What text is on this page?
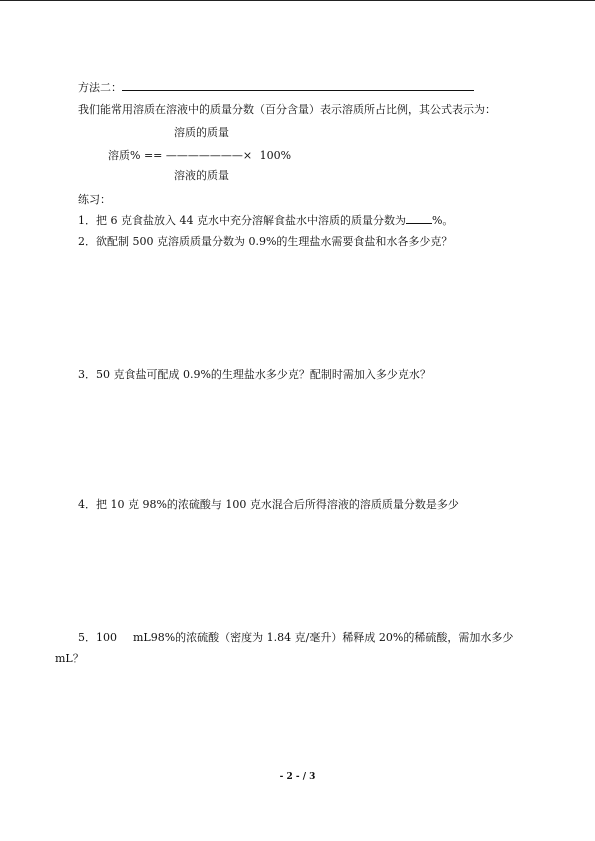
方法二：
我们能常用溶质在溶液中的质量分数（百分含量）表示溶质所占比例，其公式表示为：
溶质的质量
溶质% == ———————× 100%
溶液的质量
练习：
1．把 6 克食盐放入 44 克水中充分溶解食盐水中溶质的质量分数为 %。
2．欲配制 500 克溶质质量分数为 0.9%的生理盐水需要食盐和水各多少克？
3．50 克食盐可配成 0.9%的生理盐水多少克？配制时需加入多少克水？
4．把 10 克 98%的浓硫酸与 100 克水混合后所得溶液的溶质质量分数是多少
5．100 mL98%的浓硫酸（密度为 1.84 克/毫升）稀释成 20%的稀硫酸，需加水多少
mL？
- 2 - / 3
